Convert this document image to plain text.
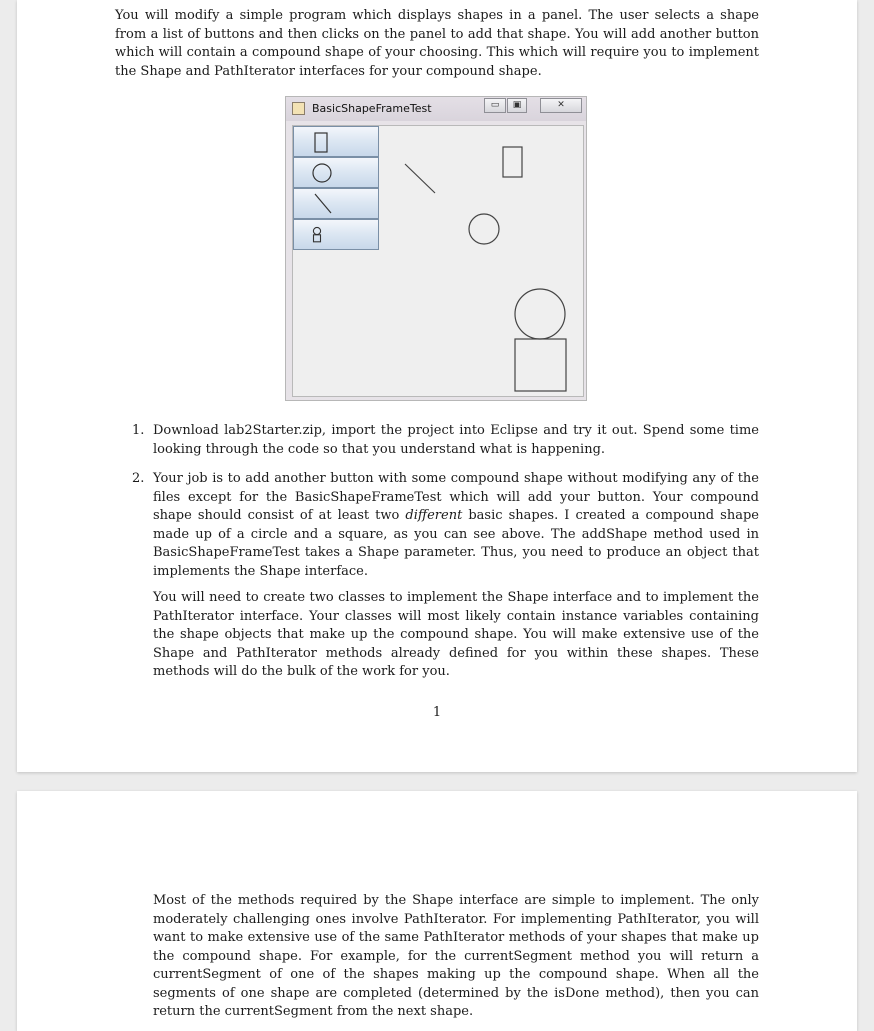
You will modify a simple program which displays shapes in a panel. The user selects a shape from a list of buttons and then clicks on the panel to add that shape. You will add another button which will contain a compound shape of your choosing. This which will require you to implement the Shape and PathIterator interfaces for your compound shape.

BasicShapeFrameTest	▭	▣	✕
1. Download lab2Starter.zip, import the project into Eclipse and try it out. Spend some time looking through the code so that you understand what is happening.

2. Your job is to add another button with some compound shape without modifying any of the files except for the BasicShapeFrameTest which will add your button. Your compound shape should consist of at least two different basic shapes. I created a compound shape made up of a circle and a square, as you can see above. The addShape method used in BasicShapeFrameTest takes a Shape parameter. Thus, you need to produce an object that implements the Shape interface.

You will need to create two classes to implement the Shape interface and to implement the PathIterator interface. Your classes will most likely contain instance variables containing the shape objects that make up the compound shape. You will make extensive use of the Shape and PathIterator methods already defined for you within these shapes. These methods will do the bulk of the work for you.

1

Most of the methods required by the Shape interface are simple to implement. The only moderately challenging ones involve PathIterator. For implementing PathIterator, you will want to make extensive use of the same PathIterator methods of your shapes that make up the compound shape. For example, for the currentSegment method you will return a currentSegment of one of the shapes making up the compound shape. When all the segments of one shape are completed (determined by the isDone method), then you can return the currentSegment from the next shape.
